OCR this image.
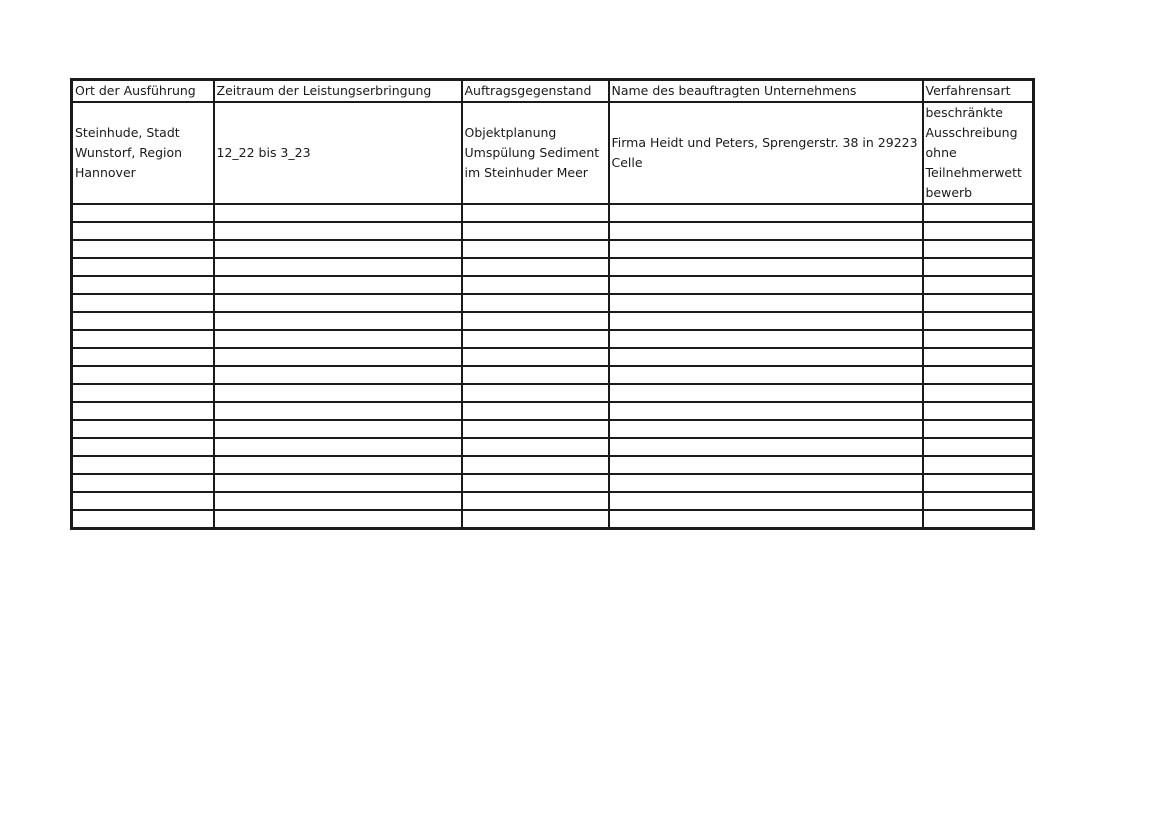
Ort der Ausführung	Zeitraum der Leistungserbringung	Auftragsgegenstand	Name des beauftragten Unternehmens	Verfahrensart
Steinhude, Stadt Wunstorf, Region Hannover	12_22 bis 3_23	Objektplanung Umspülung Sediment im Steinhuder Meer	Firma Heidt und Peters, Sprengerstr. 38 in 29223 Celle	beschränkte Ausschreibung ohne Teilnehmerwett bewerb
